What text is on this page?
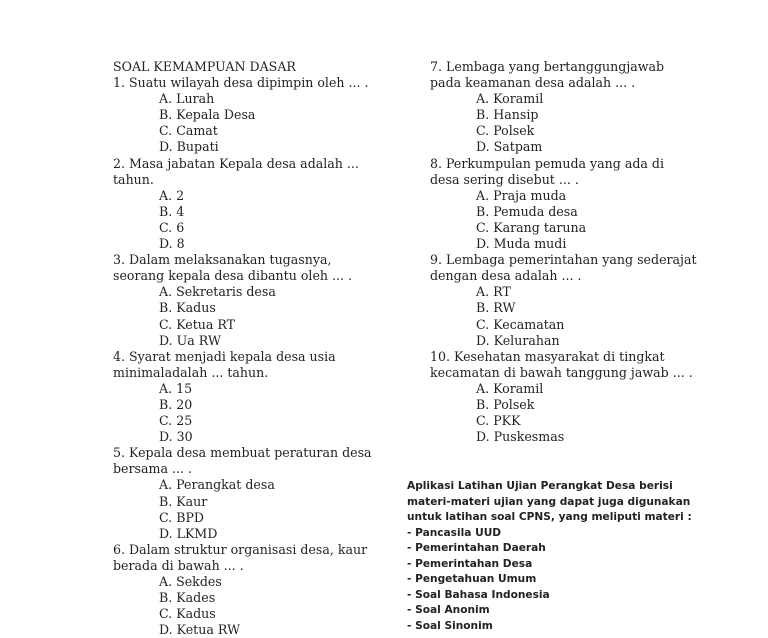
SOAL KEMAMPUAN DASAR
1. Suatu wilayah desa dipimpin oleh ... .
A. Lurah
B. Kepala Desa
C. Camat
D. Bupati
2. Masa jabatan Kepala desa adalah ...
tahun.
A. 2
B. 4
C. 6
D. 8
3. Dalam melaksanakan tugasnya,
seorang kepala desa dibantu oleh ... .
A. Sekretaris desa
B. Kadus
C. Ketua RT
D. Ua RW
4. Syarat menjadi kepala desa usia
minimaladalah ... tahun.
A. 15
B. 20
C. 25
D. 30
5. Kepala desa membuat peraturan desa
bersama ... .
A. Perangkat desa
B. Kaur
C. BPD
D. LKMD
6. Dalam struktur organisasi desa, kaur
berada di bawah ... .
A. Sekdes
B. Kades
C. Kadus
D. Ketua RW
7. Lembaga yang bertanggungjawab
pada keamanan desa adalah ... .
A. Koramil
B. Hansip
C. Polsek
D. Satpam
8. Perkumpulan pemuda yang ada di
desa sering disebut ... .
A. Praja muda
B. Pemuda desa
C. Karang taruna
D. Muda mudi
9. Lembaga pemerintahan yang sederajat
dengan desa adalah ... .
A. RT
B. RW
C. Kecamatan
D. Kelurahan
10. Kesehatan masyarakat di tingkat
kecamatan di bawah tanggung jawab ... .
A. Koramil
B. Polsek
C. PKK
D. Puskesmas
Aplikasi Latihan Ujian Perangkat Desa berisi
materi-materi ujian yang dapat juga digunakan
untuk latihan soal CPNS, yang meliputi materi :
- Pancasila UUD
- Pemerintahan Daerah
- Pemerintahan Desa
- Pengetahuan Umum
- Soal Bahasa Indonesia
- Soal Anonim
- Soal Sinonim
